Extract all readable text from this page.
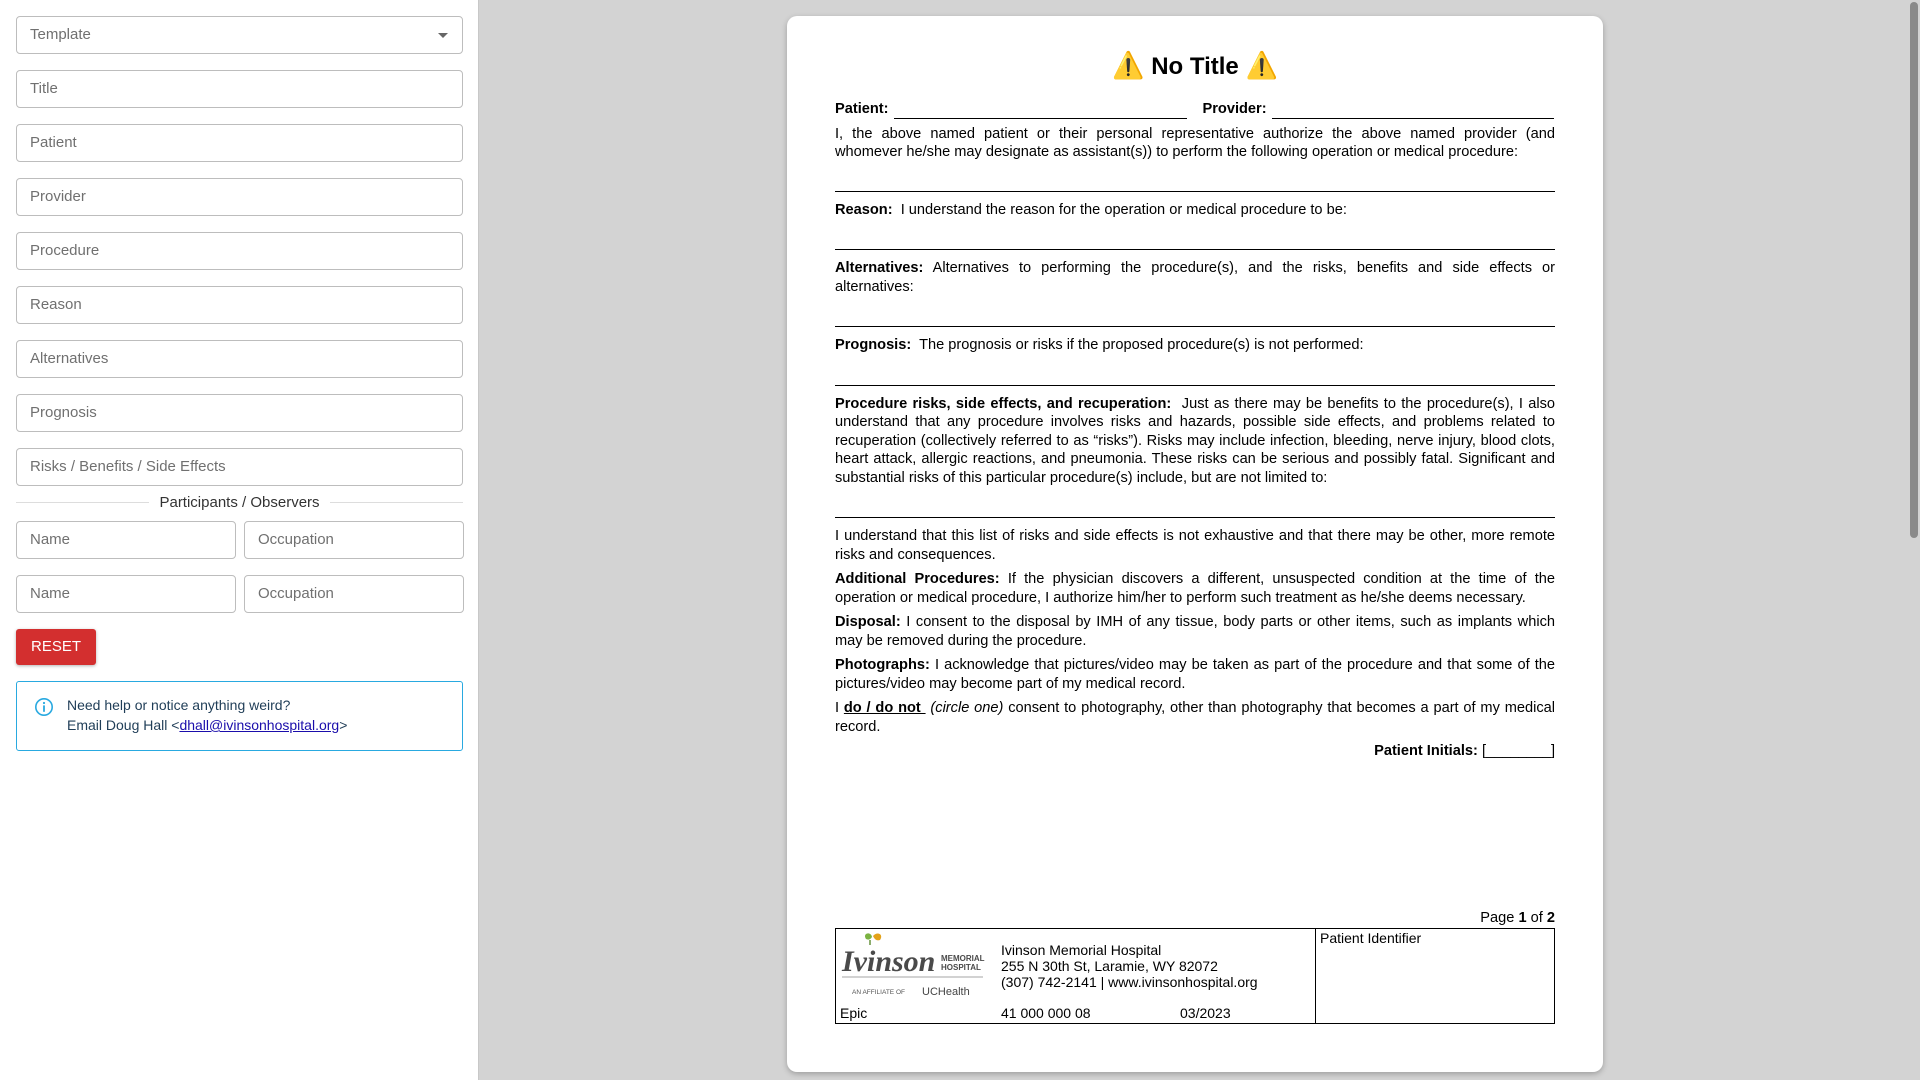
Template
Title
Patient
Provider
Procedure
Reason
Alternatives
Prognosis
Risks / Benefits / Side Effects
Participants / Observers
Name	Occupation
Name	Occupation
RESET
Need help or notice anything weird?
Email Doug Hall <dhall@ivinsonhospital.org>
⚠️ No Title ⚠️
Patient:	Provider:

I, the above named patient or their personal representative authorize the above named provider (and whomever he/she may designate as assistant(s)) to perform the following operation or medical procedure:

Reason: I understand the reason for the operation or medical procedure to be:

Alternatives: Alternatives to performing the procedure(s), and the risks, benefits and side effects or alternatives:

Prognosis: The prognosis or risks if the proposed procedure(s) is not performed:

Procedure risks, side effects, and recuperation: Just as there may be benefits to the procedure(s), I also understand that any procedure involves risks and hazards, possible side effects, and problems related to recuperation (collectively referred to as “risks”). Risks may include infection, bleeding, nerve injury, blood clots, heart attack, allergic reactions, and pneumonia. These risks can be serious and possibly fatal. Significant and substantial risks of this particular procedure(s) include, but are not limited to:

I understand that this list of risks and side effects is not exhaustive and that there may be other, more remote risks and consequences.

Additional Procedures: If the physician discovers a different, unsuspected condition at the time of the operation or medical procedure, I authorize him/her to perform such treatment as he/she deems necessary.

Disposal: I consent to the disposal by IMH of any tissue, body parts or other items, such as implants which may be removed during the procedure.

Photographs: I acknowledge that pictures/video may be taken as part of the procedure and that some of the pictures/video may become part of my medical record.

I do / do not  (circle one) consent to photography, other than photography that becomes a part of my medical record.

Patient Initials: [________]
Page 1 of 2
Ivinson MEMORIAL
HOSPITAL
AN AFFILIATE OF UCHealth
Ivinson Memorial Hospital
255 N 30th St, Laramie, WY 82072
(307) 742-2141 | www.ivinsonhospital.org
Epic	41 000 000 08	03/2023
Patient Identifier
